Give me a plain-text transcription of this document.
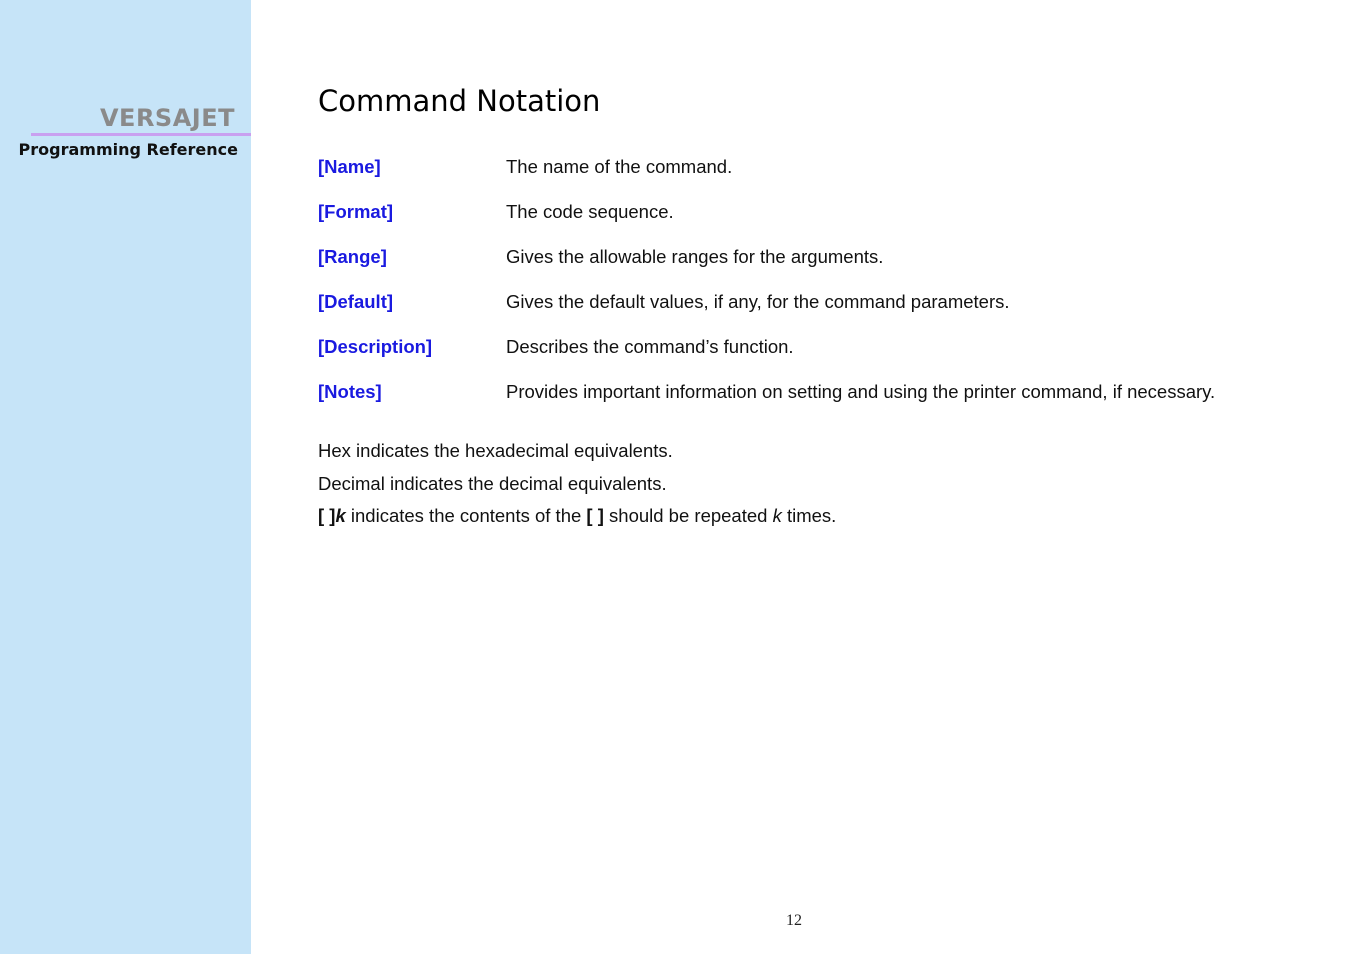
VERSAJET
Programming Reference
Command Notation
[Name]	The name of the command.
[Format]	The code sequence.
[Range]	Gives the allowable ranges for the arguments.
[Default]	Gives the default values, if any, for the command parameters.
[Description]	Describes the command’s function.
[Notes]	Provides important information on setting and using the printer command, if necessary.
Hex indicates the hexadecimal equivalents.
Decimal indicates the decimal equivalents.
[ ]k indicates the contents of the [ ] should be repeated k times.
12
